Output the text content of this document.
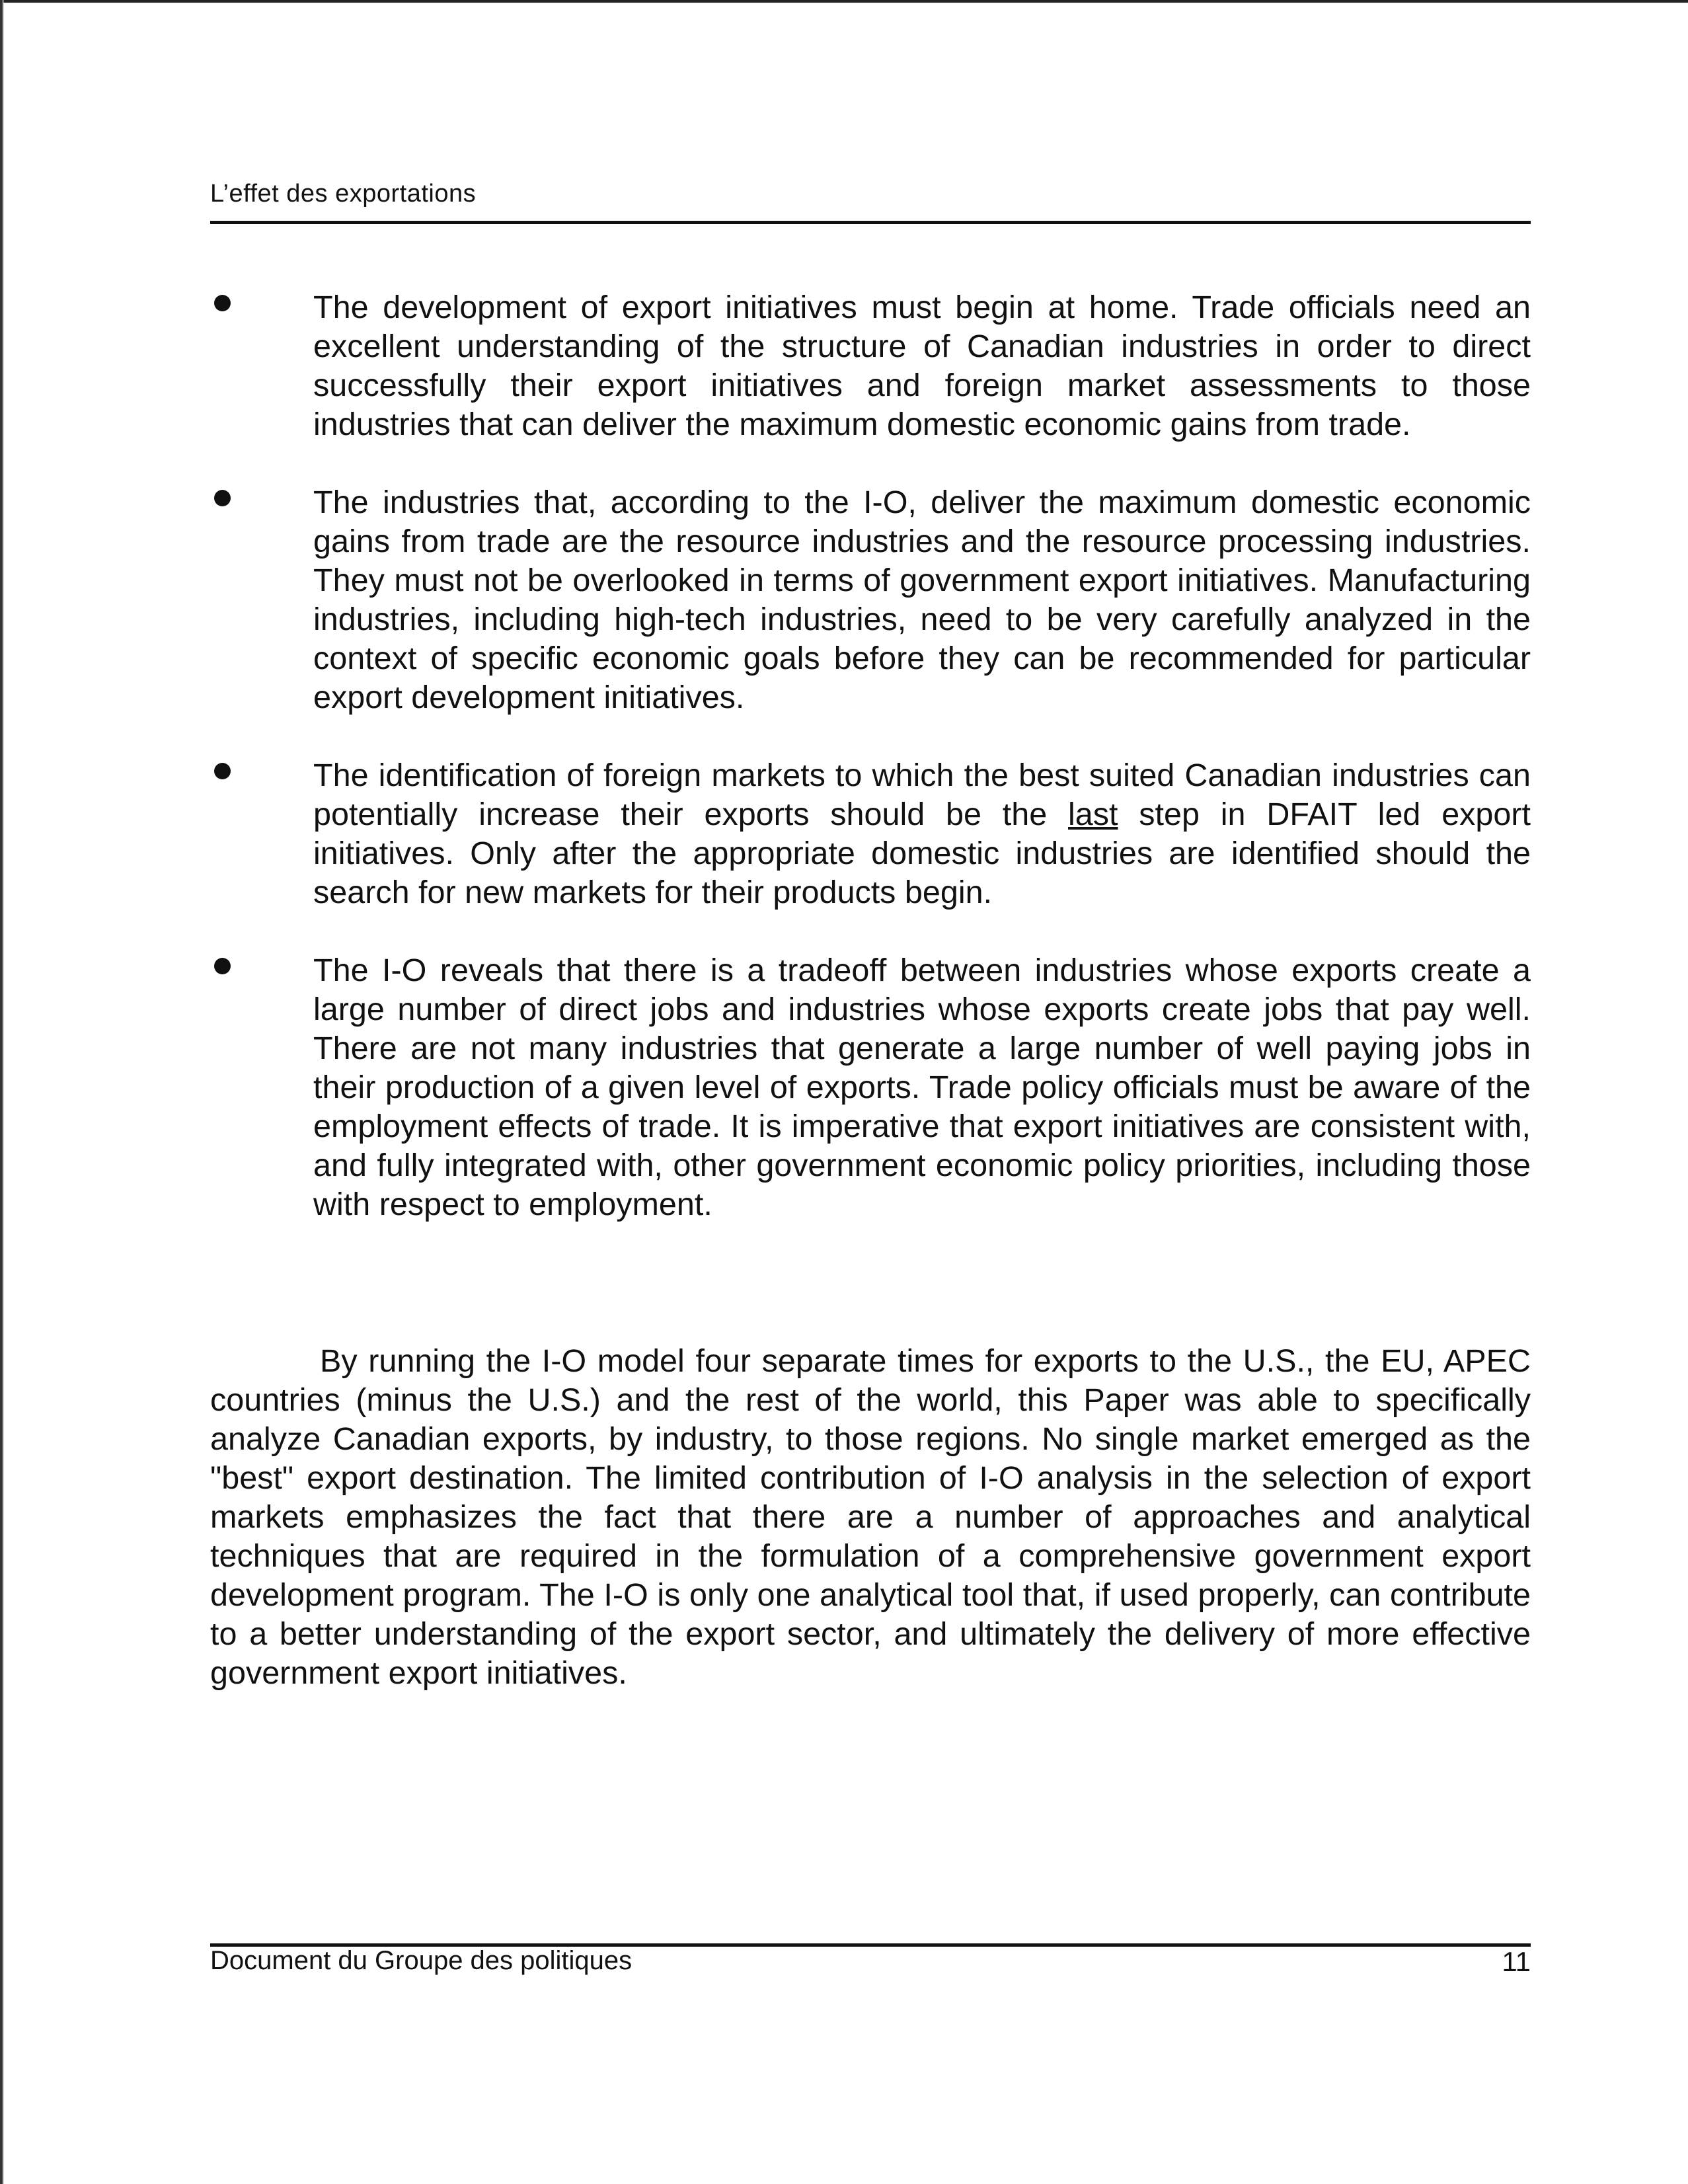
L’effet des exportations
The development of export initiatives must begin at home. Trade officials need an excellent understanding of the structure of Canadian industries in order to direct successfully their export initiatives and foreign market assessments to those industries that can deliver the maximum domestic economic gains from trade.
The industries that, according to the I-O, deliver the maximum domestic economic gains from trade are the resource industries and the resource processing industries. They must not be overlooked in terms of government export initiatives. Manufacturing industries, including high-tech industries, need to be very carefully analyzed in the context of specific economic goals before they can be recommended for particular export development initiatives.
The identification of foreign markets to which the best suited Canadian industries can potentially increase their exports should be the last step in DFAIT led export initiatives. Only after the appropriate domestic industries are identified should the search for new markets for their products begin.
The I-O reveals that there is a tradeoff between industries whose exports create a large number of direct jobs and industries whose exports create jobs that pay well. There are not many industries that generate a large number of well paying jobs in their production of a given level of exports. Trade policy officials must be aware of the employment effects of trade. It is imperative that export initiatives are consistent with, and fully integrated with, other government economic policy priorities, including those with respect to employment.

By running the I-O model four separate times for exports to the U.S., the EU, APEC countries (minus the U.S.) and the rest of the world, this Paper was able to specifically analyze Canadian exports, by industry, to those regions. No single market emerged as the "best" export destination. The limited contribution of I-O analysis in the selection of export markets emphasizes the fact that there are a number of approaches and analytical techniques that are required in the formulation of a comprehensive government export development program. The I-O is only one analytical tool that, if used properly, can contribute to a better understanding of the export sector, and ultimately the delivery of more effective government export initiatives.

Document du Groupe des politiques	11
